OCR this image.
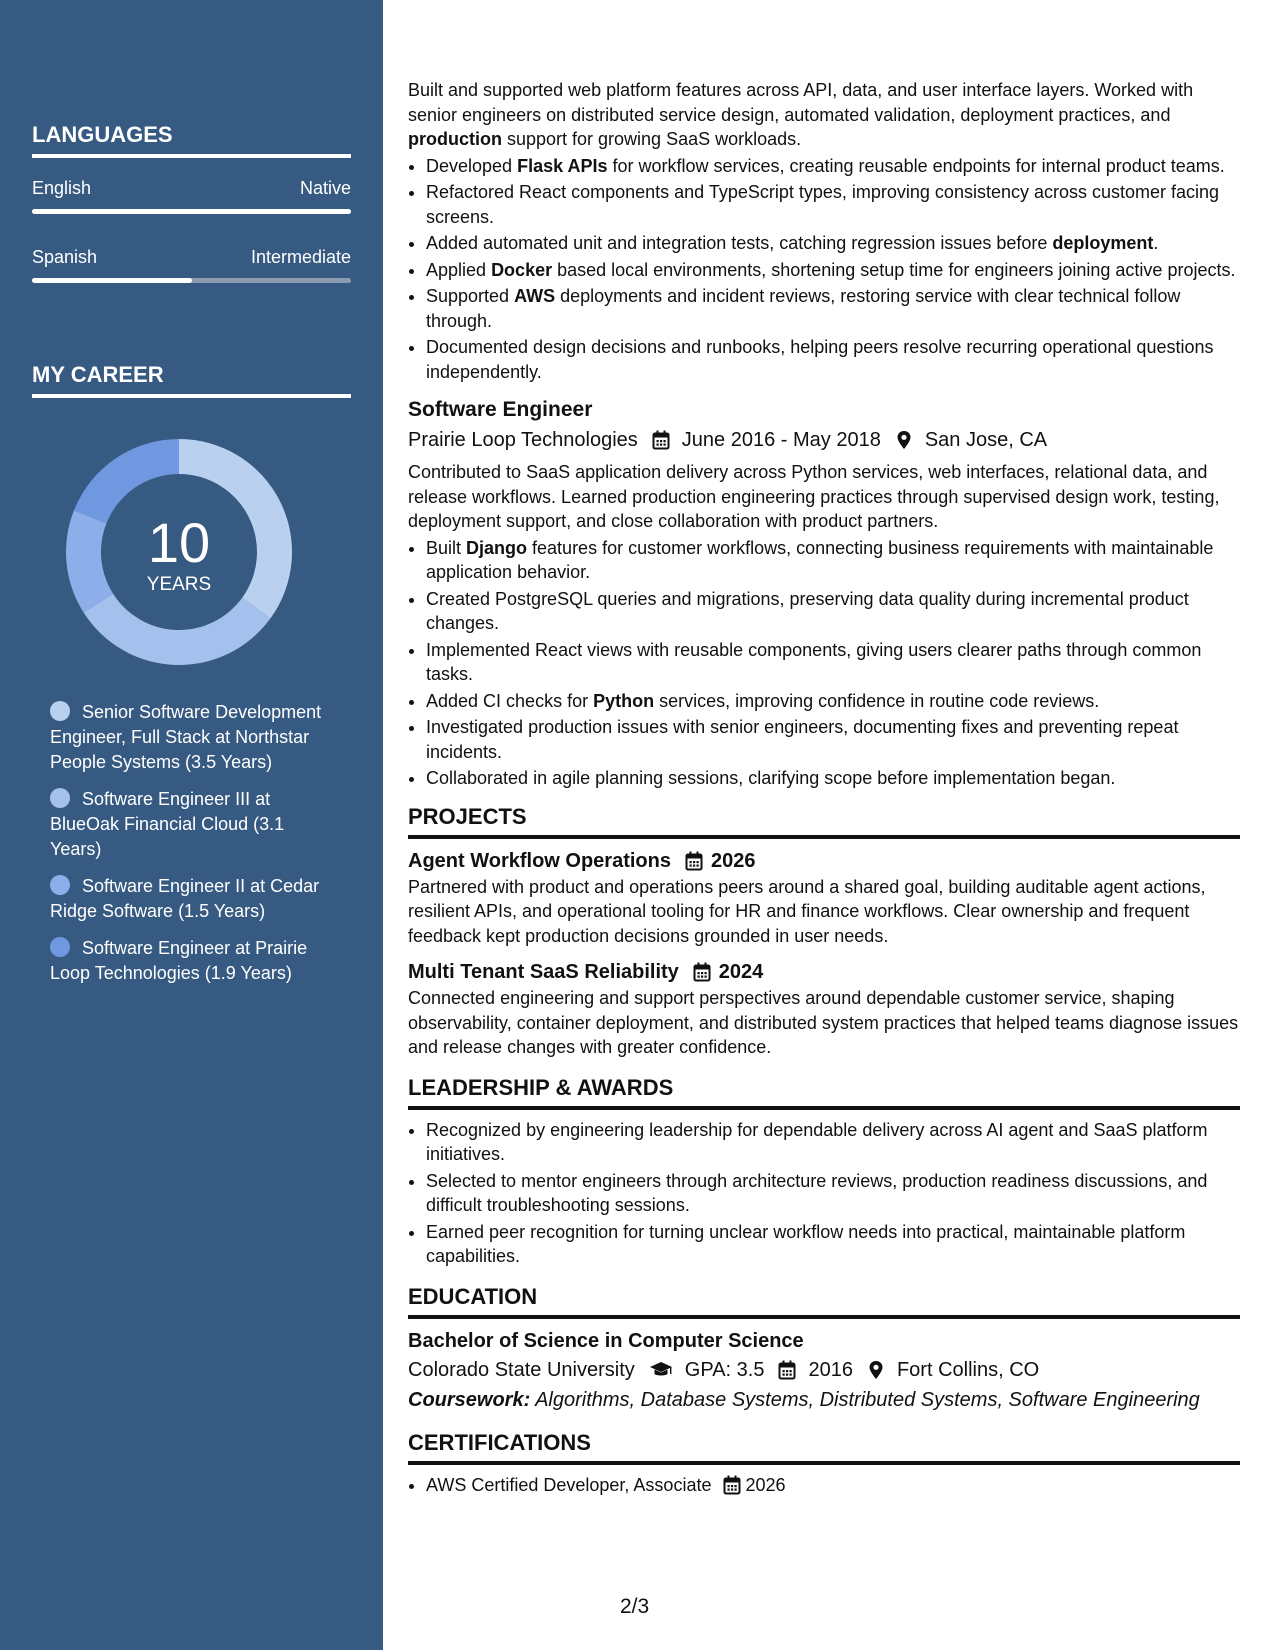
LANGUAGES
English	Native
Spanish	Intermediate
MY CAREER
10
YEARS
Senior Software Development Engineer, Full Stack at Northstar People Systems (3.5 Years)
Software Engineer III at BlueOak Financial Cloud (3.1 Years)
Software Engineer II at Cedar Ridge Software (1.5 Years)
Software Engineer at Prairie Loop Technologies (1.9 Years)

Built and supported web platform features across API, data, and user interface layers. Worked with senior engineers on distributed service design, automated validation, deployment practices, and production support for growing SaaS workloads.

• Developed Flask APIs for workflow services, creating reusable endpoints for internal product teams.
• Refactored React components and TypeScript types, improving consistency across customer facing screens.
• Added automated unit and integration tests, catching regression issues before deployment.
• Applied Docker based local environments, shortening setup time for engineers joining active projects.
• Supported AWS deployments and incident reviews, restoring service with clear technical follow through.
• Documented design decisions and runbooks, helping peers resolve recurring operational questions independently.
Software Engineer
Prairie Loop Technologies June 2016 - May 2018 San Jose, CA

Contributed to SaaS application delivery across Python services, web interfaces, relational data, and release workflows. Learned production engineering practices through supervised design work, testing, deployment support, and close collaboration with product partners.

• Built Django features for customer workflows, connecting business requirements with maintainable application behavior.
• Created PostgreSQL queries and migrations, preserving data quality during incremental product changes.
• Implemented React views with reusable components, giving users clearer paths through common tasks.
• Added CI checks for Python services, improving confidence in routine code reviews.
• Investigated production issues with senior engineers, documenting fixes and preventing repeat incidents.
• Collaborated in agile planning sessions, clarifying scope before implementation began.
PROJECTS
Agent Workflow Operations 2026

Partnered with product and operations peers around a shared goal, building auditable agent actions, resilient APIs, and operational tooling for HR and finance workflows. Clear ownership and frequent feedback kept production decisions grounded in user needs.

Multi Tenant SaaS Reliability 2024

Connected engineering and support perspectives around dependable customer service, shaping observability, container deployment, and distributed system practices that helped teams diagnose issues and release changes with greater confidence.

LEADERSHIP & AWARDS
• Recognized by engineering leadership for dependable delivery across AI agent and SaaS platform initiatives.
• Selected to mentor engineers through architecture reviews, production readiness discussions, and difficult troubleshooting sessions.
• Earned peer recognition for turning unclear workflow needs into practical, maintainable platform capabilities.
EDUCATION
Bachelor of Science in Computer Science
Colorado State University	GPA: 3.5 2016 Fort Collins, CO
Coursework: Algorithms, Database Systems, Distributed Systems, Software Engineering
CERTIFICATIONS
• AWS Certified Developer, Associate 2026
2/3
